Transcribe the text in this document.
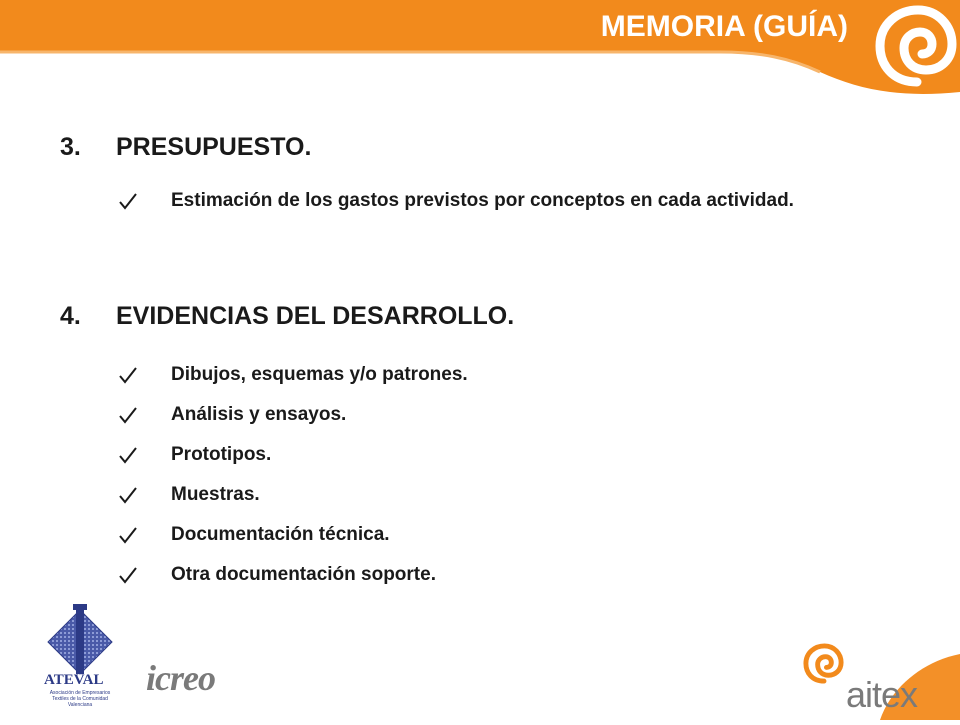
MEMORIA (GUÍA)
3. PRESUPUESTO.
Estimación de los gastos previstos por conceptos en cada actividad.
4. EVIDENCIAS DEL DESARROLLO.
Dibujos, esquemas y/o patrones.
Análisis y ensayos.
Prototipos.
Muestras.
Documentación técnica.
Otra documentación soporte.
ATEVAL
Asociación de Empresarios Textiles de la Comunidad Valenciana
icreo	aitex
